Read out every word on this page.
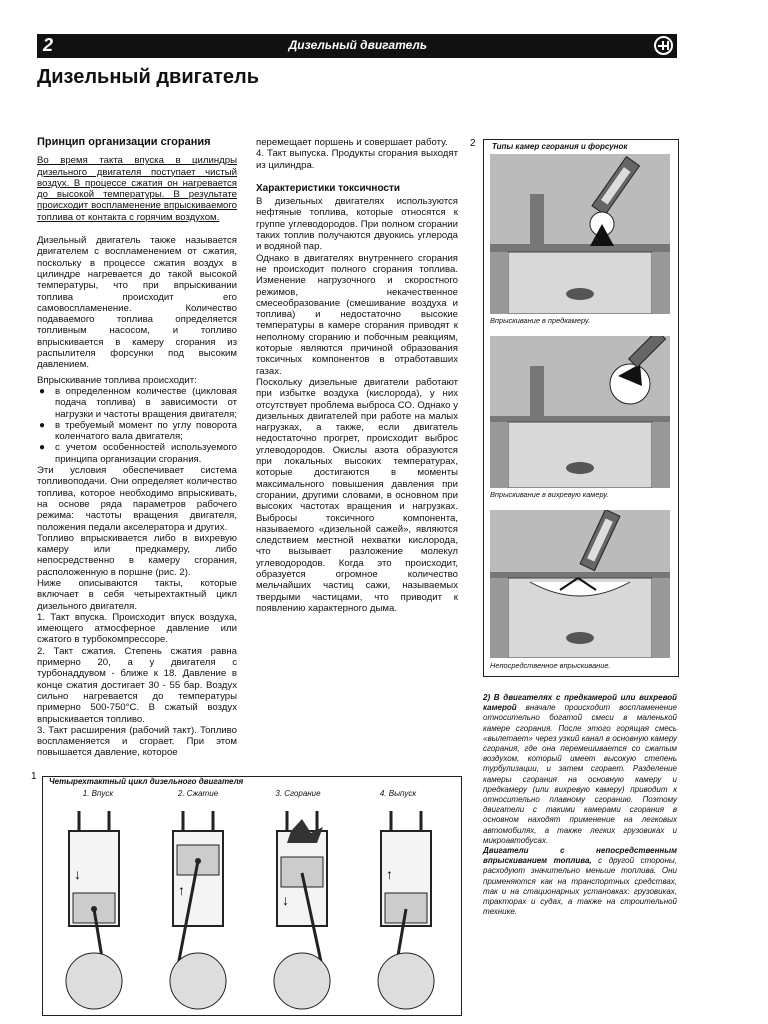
2	Дизельный двигатель
Дизельный двигатель
Принцип организации сгорания

Во время такта впуска в цилиндры дизельного двигателя поступает чистый воздух. В процессе сжатия он нагревается до высокой температуры. В результате происходит воспламенение впрыскиваемого топлива от контакта с горячим воздухом.

Дизельный двигатель также называется двигателем с воспламенением от сжатия, поскольку в процессе сжатия воздух в цилиндре нагревается до такой высокой температуры, что при впрыскивании топлива происходит его самовоспламенение. Количество подаваемого топлива определяется топливным насосом, и топливо впрыскивается в камеру сгорания из распылителя форсунки под высоким давлением.

Впрыскивание топлива происходит:

● в определенном количестве (цикловая подача топлива) в зависимости от нагрузки и частоты вращения двигателя;
● в требуемый момент по углу поворота коленчатого вала двигателя;
● с учетом особенностей используемого принципа организации сгорания.

Эти условия обеспечивает система топливоподачи. Они определяет количество топлива, которое необходимо впрыскивать, на основе ряда параметров рабочего режима: частоты вращения двигателя, положения педали акселератора и других.

Топливо впрыскивается либо в вихревую камеру или предкамеру, либо непосредственно в камеру сгорания, расположенную в поршне (рис. 2).

Ниже описываются такты, которые включает в себя четырехтактный цикл дизельного двигателя.

1. Такт впуска. Происходит впуск воздуха, имеющего атмосферное давление или сжатого в турбокомпрессоре.

2. Такт сжатия. Степень сжатия равна примерно 20, а у двигателя с турбонаддувом - ближе к 18. Давление в конце сжатия достигает 30 - 55 бар. Воздух сильно нагревается до температуры примерно 500-750°С. В сжатый воздух впрыскивается топливо.

3. Такт расширения (рабочий такт). Топливо воспламеняется и сгорает. При этом повышается давление, которое

перемещает поршень и совершает работу.

4. Такт выпуска. Продукты сгорания выходят из цилиндра.

Характеристики токсичности

В дизельных двигателях используются нефтяные топлива, которые относятся к группе углеводородов. При полном сгорании таких топлив получаются двуокись углерода и водяной пар.

Однако в двигателях внутреннего сгорания не происходит полного сгорания топлива. Изменение нагрузочного и скоростного режимов, некачественное смесеобразование (смешивание воздуха и топлива) и недостаточно высокие температуры в камере сгорания приводят к неполному сгоранию и побочным реакциям, которые являются причиной образования токсичных компонентов в отработавших газах.

Поскольку дизельные двигатели работают при избытке воздуха (кислорода), у них отсутствует проблема выброса СО. Однако у дизельных двигателей при работе на малых нагрузках, а также, если двигатель недостаточно прогрет, происходит выброс углеводородов. Окислы азота образуются при локальных высоких температурах, которые достигаются в моменты максимального повышения давления при сгорании, другими словами, в основном при высоких частотах вращения и нагрузках. Выбросы токсичного компонента, называемого «дизельной сажей», являются следствием местной нехватки кислорода, что вызывает разложение молекул углеводородов. Когда это происходит, образуется огромное количество мельчайших частиц сажи, называемых твердыми частицами, что приводит к появлению характерного дыма.

2 Типы камер сгорания и форсунок
Впрыскивание в предкамеру.
Впрыскивание в вихревую камеру.
Непосредственное впрыскивание.

2) В двигателях с предкамерой или вихревой камерой вначале происходит воспламенение относительно богатой смеси в маленькой камере сгорания. После этого горящая смесь «вылетает» через узкий канал в основную камеру сгорания, где она перемешивается со сжатым воздухом, который имеет высокую степень турбулизации, и затем сгорает. Разделение камеры сгорания на основную камеру и предкамеру (или вихревую камеру) приводит к относительно плавному сгоранию. Поэтому двигатели с такими камерами сгорания в основном находят применение на легковых автомобилях, а также легких грузовиках и микроавтобусах.

Двигатели с непосредственным впрыскиванием топлива, с другой стороны, расходуют значительно меньше топлива. Они применяются как на транспортных средствах, так и на стационарных установках: грузовиках, тракторах и судах, а также на строительной технике.

1 Четырехтактный цикл дизельного двигателя
1. Впуск	2. Сжатие	3. Сгорание	4. Выпуск
↓
↑
↓
↑
